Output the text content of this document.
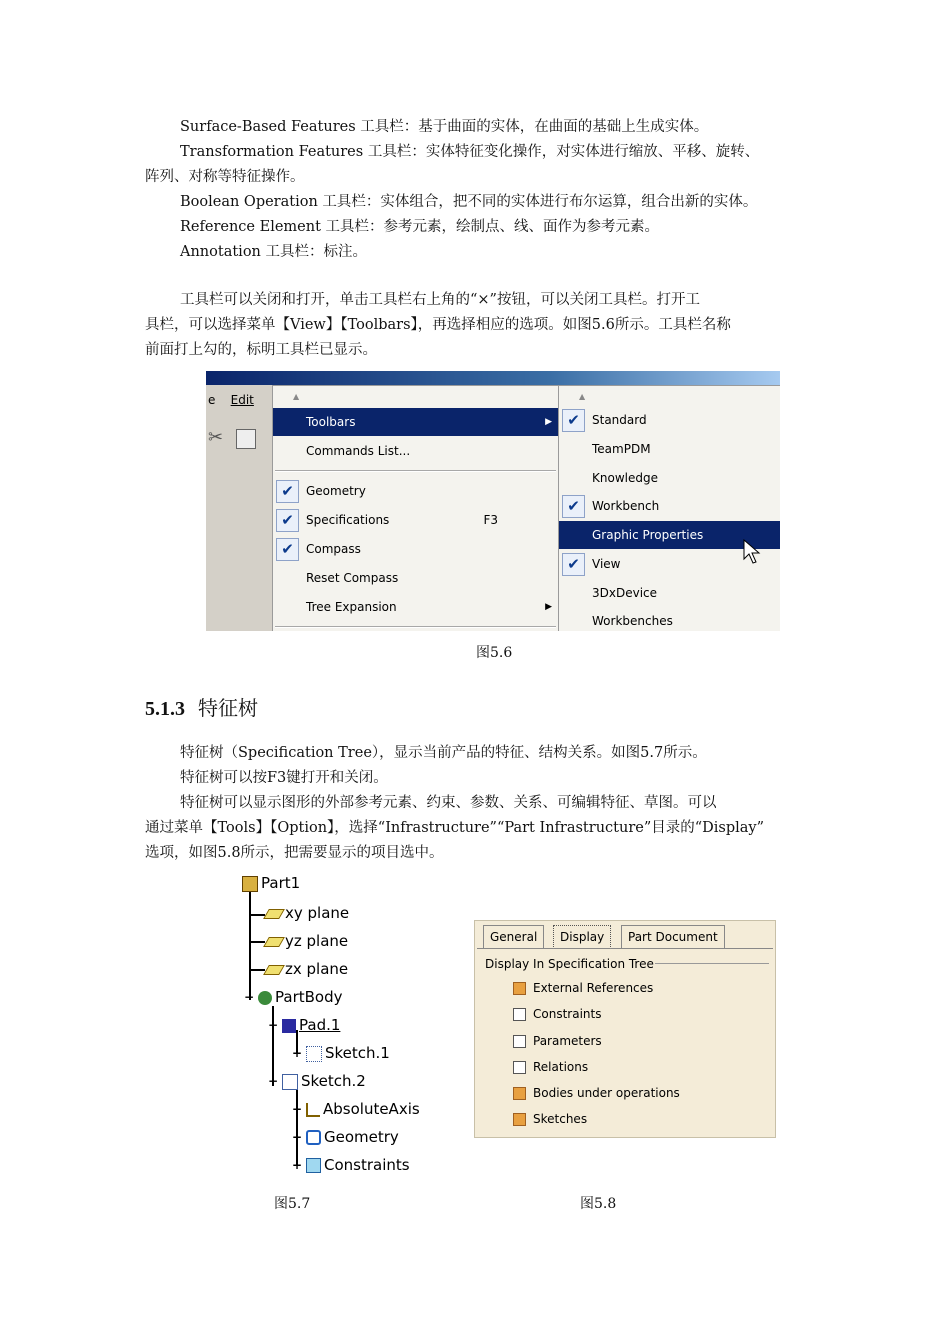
Surface-Based Features 工具栏：基于曲面的实体，在曲面的基础上生成实体。
Transformation Features 工具栏：实体特征变化操作，对实体进行缩放、平移、旋转、
阵列、对称等特征操作。
Boolean Operation 工具栏：实体组合，把不同的实体进行布尔运算，组合出新的实体。
Reference Element 工具栏：参考元素，绘制点、线、面作为参考元素。
Annotation 工具栏：标注。
工具栏可以关闭和打开，单击工具栏右上角的“×”按钮，可以关闭工具栏。打开工
具栏，可以选择菜单【View】【Toolbars】，再选择相应的选项。如图5.6所示。工具栏名称
前面打上勾的，标明工具栏已显示。
e    Edit
✂
▲
Toolbars	▶
Commands List...
✔	Geometry
✔	Specifications	F3
✔	Compass
Reset Compass
Tree Expansion	▶
▲
✔	Standard
TeamPDM
Knowledge
✔	Workbench
Graphic Properties
✔	View
3DxDevice
Workbenches
图5.6
5.1.3 特征树
特征树（Specification Tree），显示当前产品的特征、结构关系。如图5.7所示。
特征树可以按F3键打开和关闭。
特征树可以显示图形的外部参考元素、约束、参数、关系、可编辑特征、草图。可以
通过菜单【Tools】【Option】，选择“Infrastructure”“Part Infrastructure”目录的“Display”
选项，如图5.8所示，把需要显示的项目选中。
Part1
xy plane
yz plane
zx plane
−	PartBody
−	Pad.1
+	Sketch.1
−	Sketch.2
+	AbsoluteAxis
+	Geometry
+	Constraints
图5.7
General	Display	Part Document
Display In Specification Tree
External References
Constraints
Parameters
Relations
Bodies under operations
Sketches
图5.8
